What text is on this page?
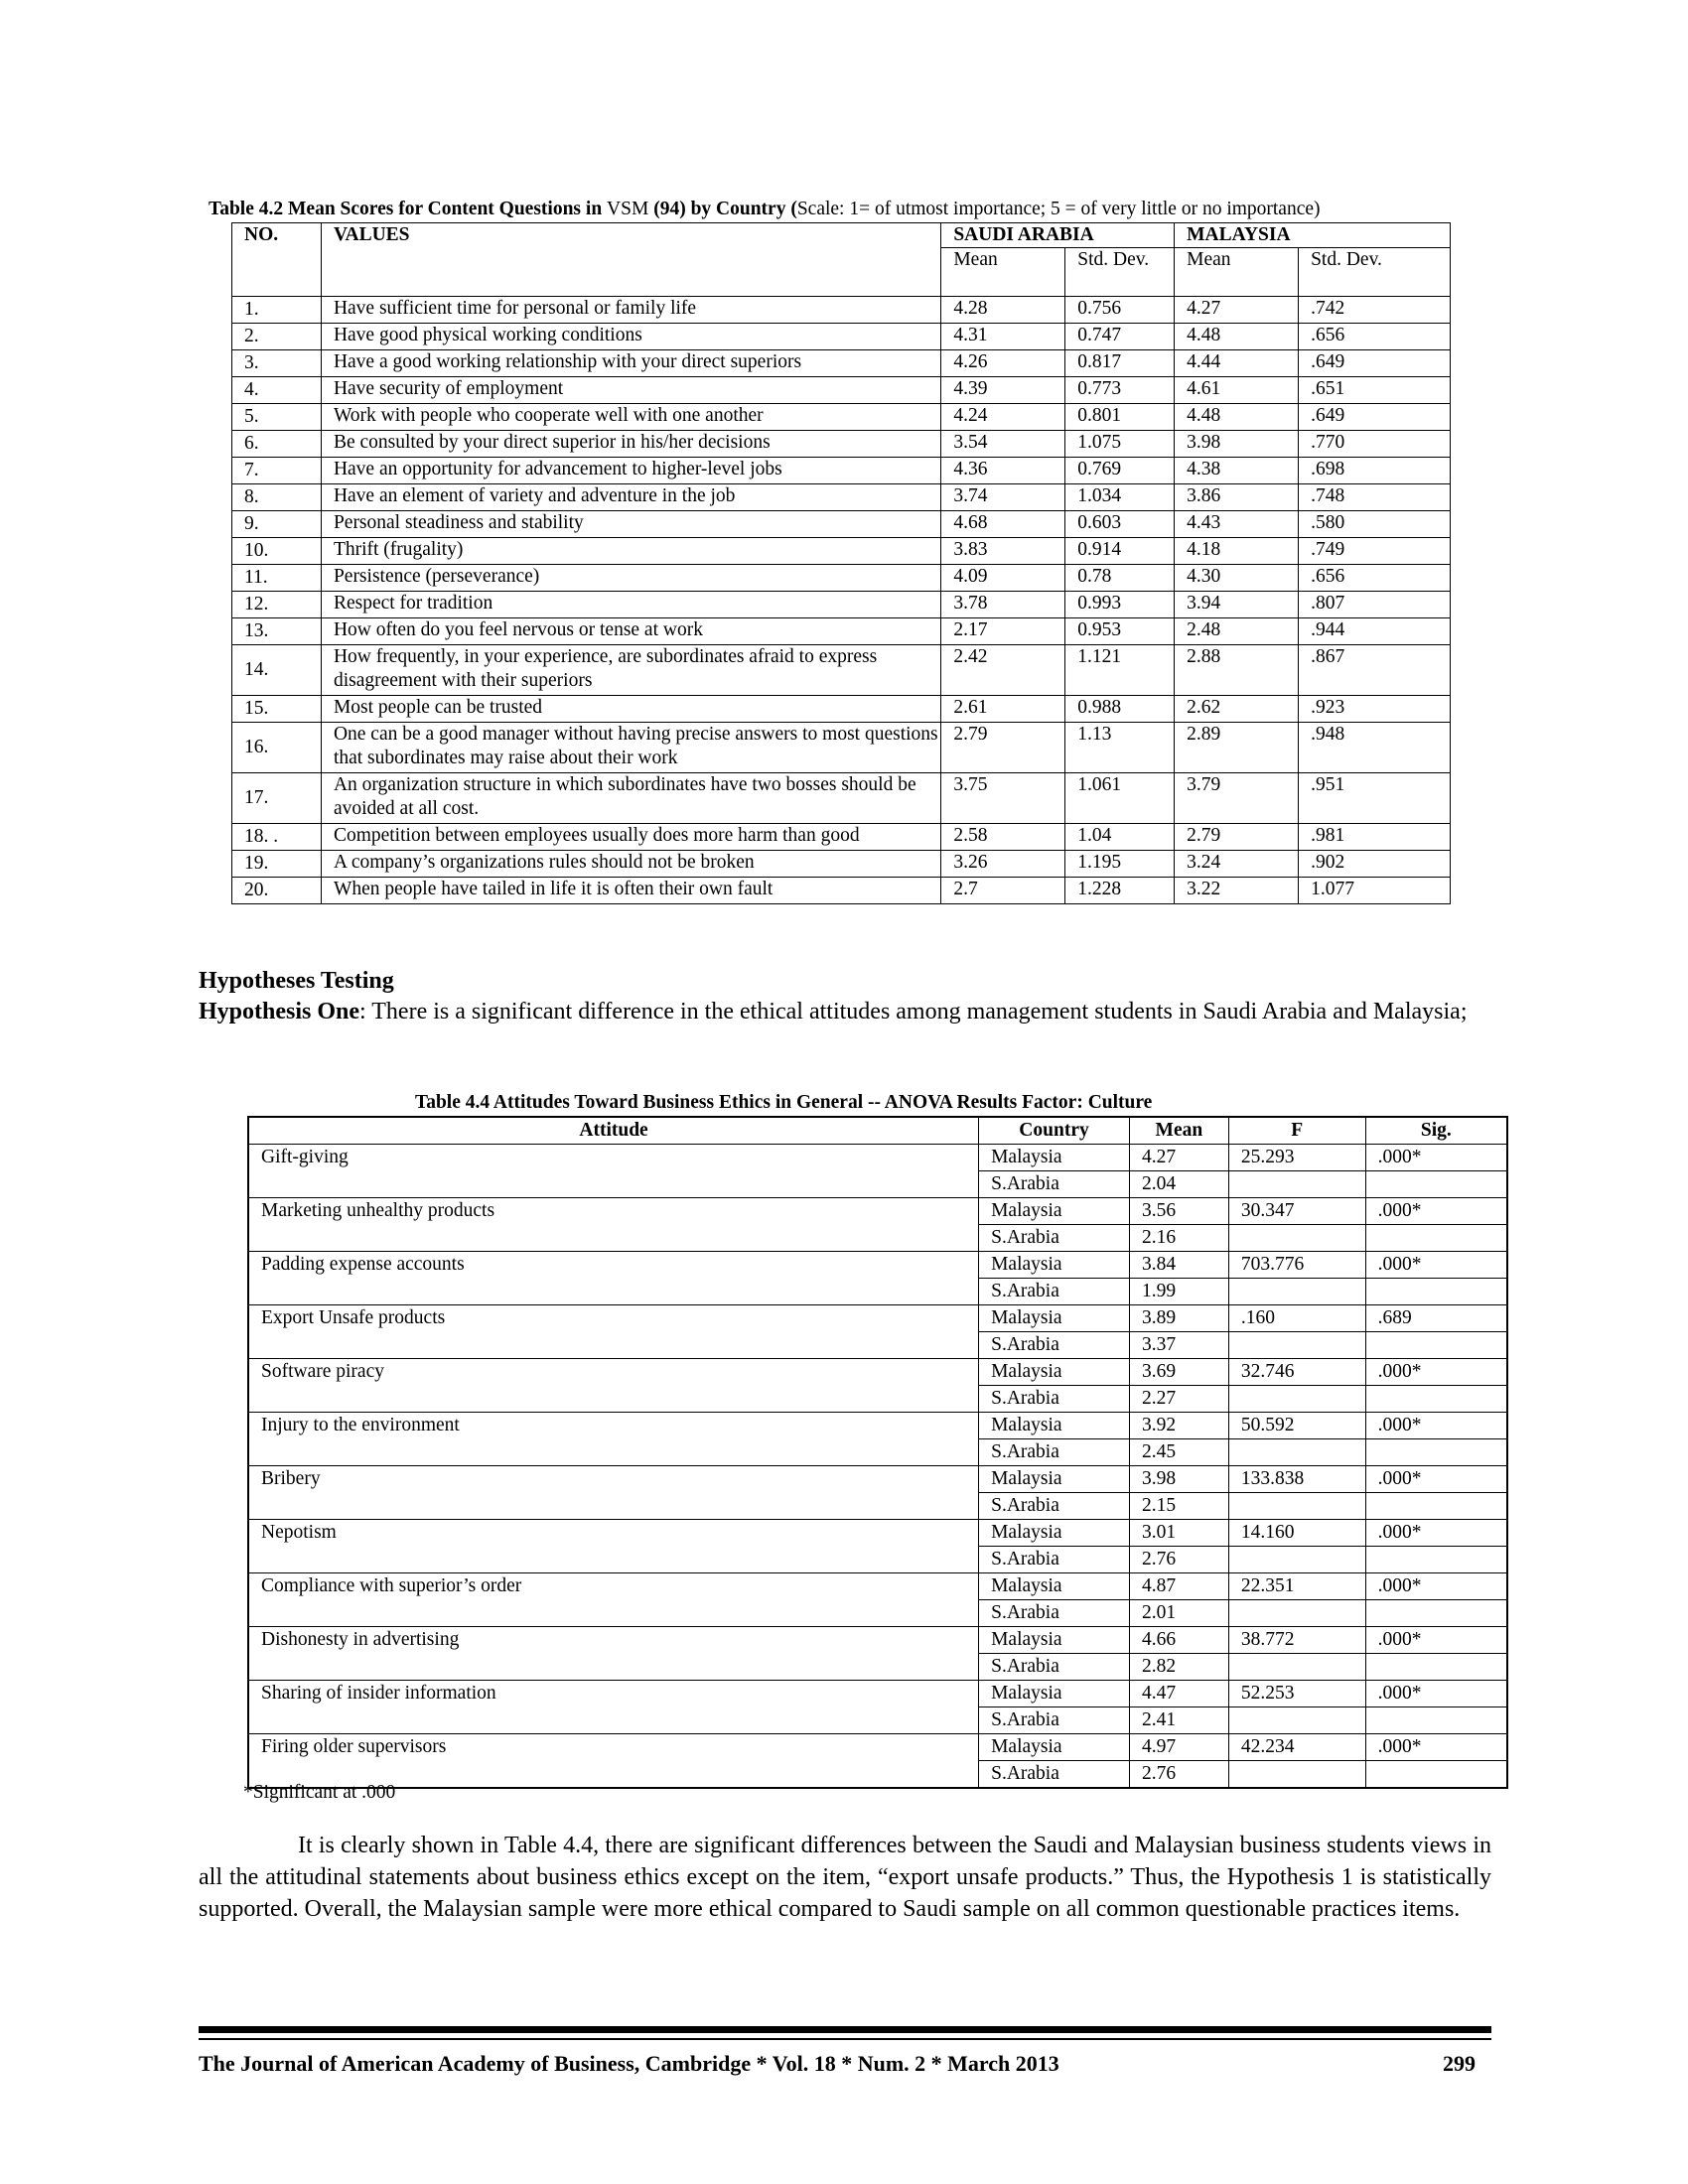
Table 4.2 Mean Scores for Content Questions in VSM (94) by Country (Scale: 1= of utmost importance; 5 = of very little or no importance)
NO.	VALUES	SAUDI ARABIA		MALAYSIA	
		Mean	Std. Dev.	Mean	Std. Dev.
1.	Have sufficient time for personal or family life	4.28	0.756	4.27	.742
2.	Have good physical working conditions	4.31	0.747	4.48	.656
3.	Have a good working relationship with your direct superiors	4.26	0.817	4.44	.649
4.	Have security of employment	4.39	0.773	4.61	.651
5.	Work with people who cooperate well with one another	4.24	0.801	4.48	.649
6.	Be consulted by your direct superior in his/her decisions	3.54	1.075	3.98	.770
7.	Have an opportunity for advancement to higher-level jobs	4.36	0.769	4.38	.698
8.	Have an element of variety and adventure in the job	3.74	1.034	3.86	.748
9.	Personal steadiness and stability	4.68	0.603	4.43	.580
10.	Thrift (frugality)	3.83	0.914	4.18	.749
11.	Persistence (perseverance)	4.09	0.78	4.30	.656
12.	Respect for tradition	3.78	0.993	3.94	.807
13.	How often do you feel nervous or tense at work	2.17	0.953	2.48	.944
14.	How frequently, in your experience, are subordinates afraid to express disagreement with their superiors	2.42	1.121	2.88	.867
15.	Most people can be trusted	2.61	0.988	2.62	.923
16.	One can be a good manager without having precise answers to most questions that subordinates may raise about their work	2.79	1.13	2.89	.948
17.	An organization structure in which subordinates have two bosses should be avoided at all cost.	3.75	1.061	3.79	.951
18. .	Competition between employees usually does more harm than good	2.58	1.04	2.79	.981
19.	A company’s organizations rules should not be broken	3.26	1.195	3.24	.902
20.	When people have tailed in life it is often their own fault	2.7	1.228	3.22	1.077
Hypotheses Testing

Hypothesis One: There is a significant difference in the ethical attitudes among management students in Saudi Arabia and Malaysia;

Table 4.4 Attitudes Toward Business Ethics in General -- ANOVA Results Factor: Culture
Attitude	Country	Mean	F	Sig.
Gift-giving	Malaysia	4.27	25.293	.000*
	S.Arabia	2.04		
Marketing unhealthy products	Malaysia	3.56	30.347	.000*
	S.Arabia	2.16		
Padding expense accounts	Malaysia	3.84	703.776	.000*
	S.Arabia	1.99		
Export Unsafe products	Malaysia	3.89	.160	.689
	S.Arabia	3.37		
Software piracy	Malaysia	3.69	32.746	.000*
	S.Arabia	2.27		
Injury to the environment	Malaysia	3.92	50.592	.000*
	S.Arabia	2.45		
Bribery	Malaysia	3.98	133.838	.000*
	S.Arabia	2.15		
Nepotism	Malaysia	3.01	14.160	.000*
	S.Arabia	2.76		
Compliance with superior’s order	Malaysia	4.87	22.351	.000*
	S.Arabia	2.01		
Dishonesty in advertising	Malaysia	4.66	38.772	.000*
	S.Arabia	2.82		
Sharing of insider information	Malaysia	4.47	52.253	.000*
	S.Arabia	2.41		
Firing older supervisors	Malaysia	4.97	42.234	.000*
	S.Arabia	2.76		
*Significant at .000

It is clearly shown in Table 4.4, there are significant differences between the Saudi and Malaysian business students views in all the attitudinal statements about business ethics except on the item, “export unsafe products.” Thus, the Hypothesis 1 is statistically supported. Overall, the Malaysian sample were more ethical compared to Saudi sample on all common questionable practices items.

The Journal of American Academy of Business, Cambridge * Vol. 18 * Num. 2 * March 2013	299
